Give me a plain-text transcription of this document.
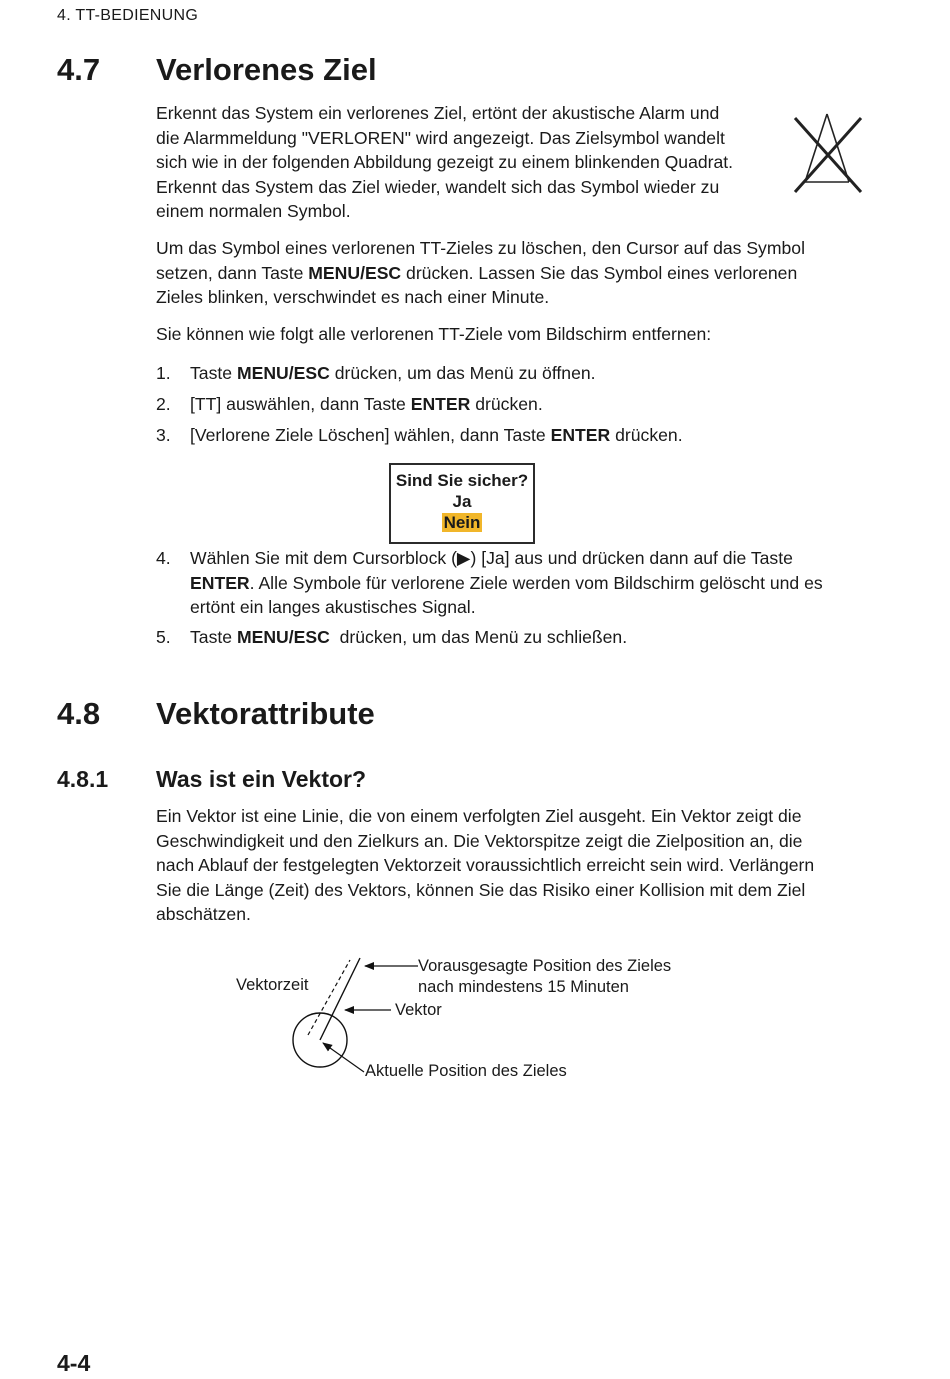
4. TT-BEDIENUNG
4.7 Verlorenes Ziel
Erkennt das System ein verlorenes Ziel, ertönt der akustische Alarm und
die Alarmmeldung "VERLOREN" wird angezeigt. Das Zielsymbol wandelt
sich wie in der folgenden Abbildung gezeigt zu einem blinkenden Quadrat.
Erkennt das System das Ziel wieder, wandelt sich das Symbol wieder zu
einem normalen Symbol.
Um das Symbol eines verlorenen TT-Zieles zu löschen, den Cursor auf das Symbol
setzen, dann Taste MENU/ESC drücken. Lassen Sie das Symbol eines verlorenen
Zieles blinken, verschwindet es nach einer Minute.
Sie können wie folgt alle verlorenen TT-Ziele vom Bildschirm entfernen:
1. Taste MENU/ESC drücken, um das Menü zu öffnen.
2. [TT] auswählen, dann Taste ENTER drücken.
3. [Verlorene Ziele Löschen] wählen, dann Taste ENTER drücken.
Sind Sie sicher?
Ja
Nein
4. Wählen Sie mit dem Cursorblock (▶) [Ja] aus und drücken dann auf die Taste
ENTER. Alle Symbole für verlorene Ziele werden vom Bildschirm gelöscht und es
ertönt ein langes akustisches Signal.
5. Taste MENU/ESC  drücken, um das Menü zu schließen.
4.8 Vektorattribute
4.8.1 Was ist ein Vektor?
Ein Vektor ist eine Linie, die von einem verfolgten Ziel ausgeht. Ein Vektor zeigt die
Geschwindigkeit und den Zielkurs an. Die Vektorspitze zeigt die Zielposition an, die
nach Ablauf der festgelegten Vektorzeit voraussichtlich erreicht sein wird. Verlängern
Sie die Länge (Zeit) des Vektors, können Sie das Risiko einer Kollision mit dem Ziel
abschätzen.
Vektorzeit
Vorausgesagte Position des Zieles
nach mindestens 15 Minuten
Vektor
Aktuelle Position des Zieles
4-4
